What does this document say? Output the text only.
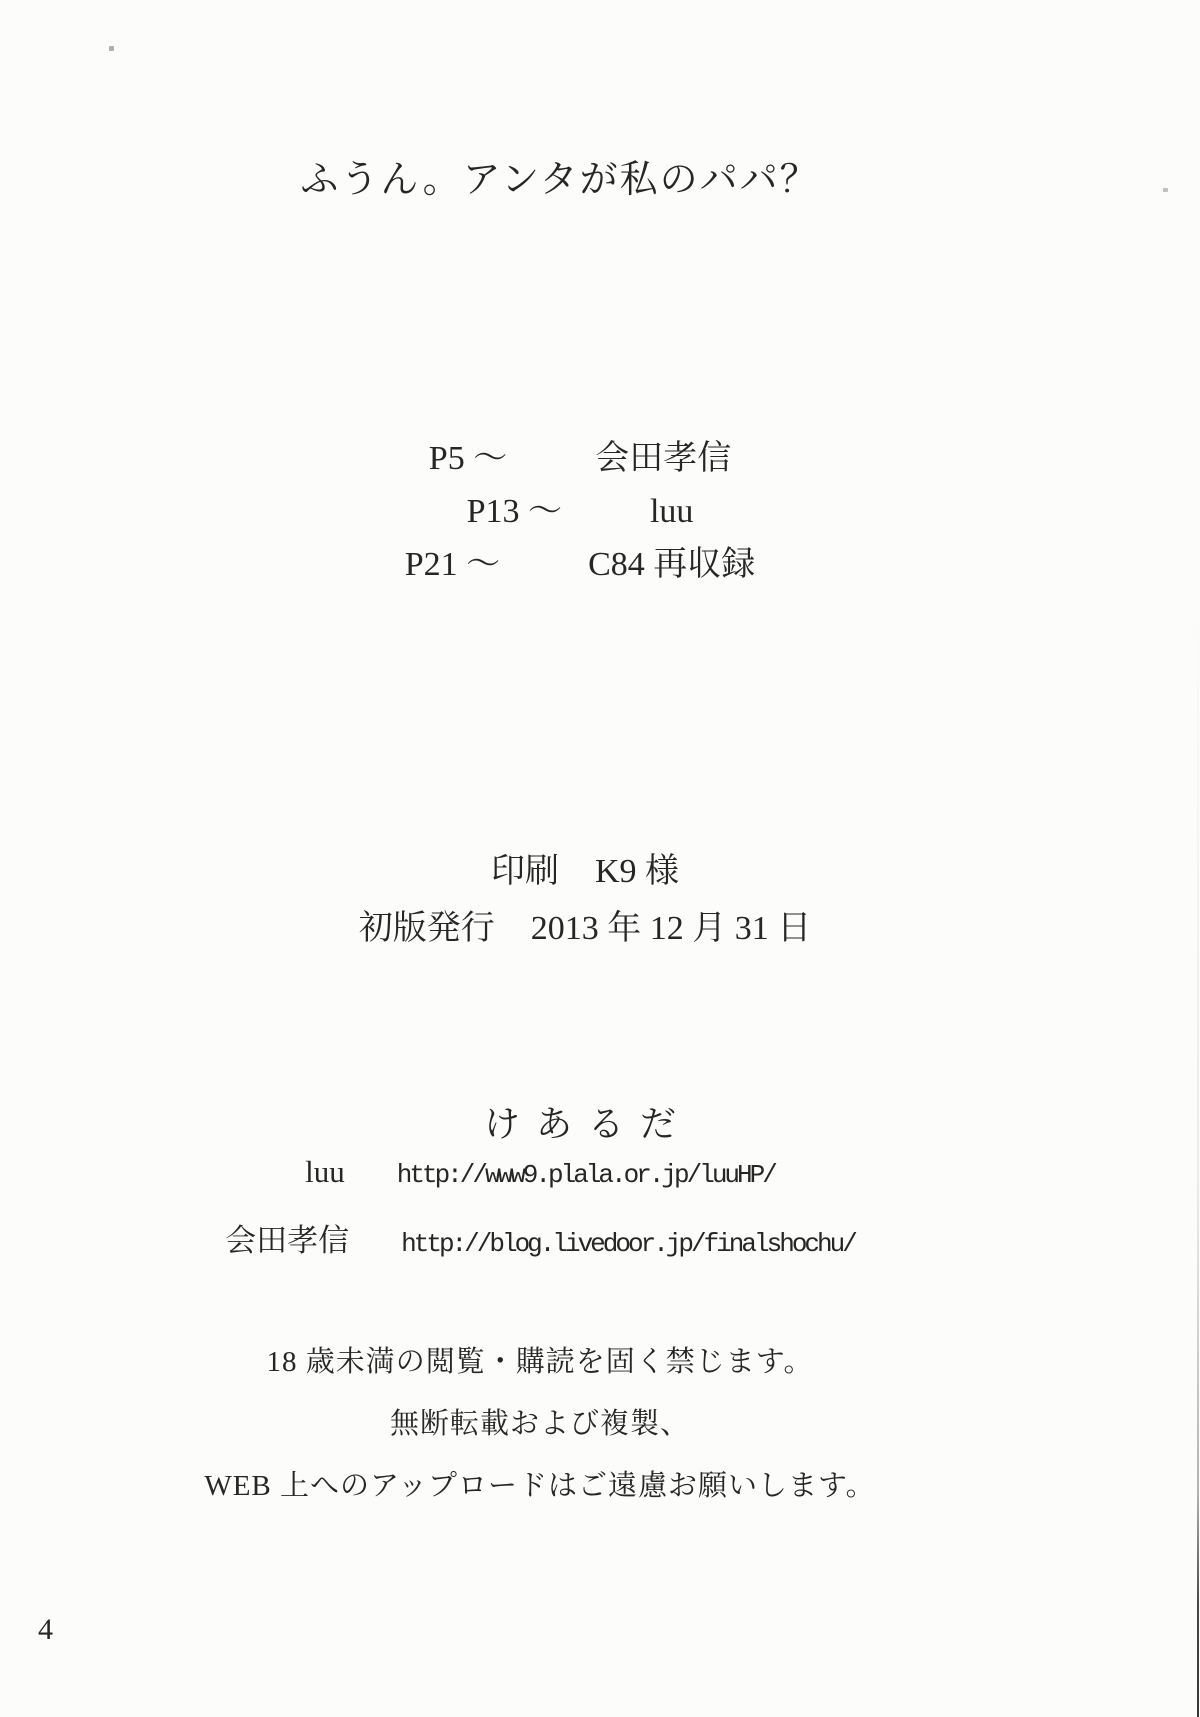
ふうん。アンタが私のパパ？
P5 ～	会田孝信
P13 ～	luu
P21 ～	C84 再収録
印刷 K9 様
初版発行 2013 年 12 月 31 日
けあるだ
luu http://www9.plala.or.jp/luuHP/
会田孝信 http://blog.livedoor.jp/finalshochu/
18 歳未満の閲覧・購読を固く禁じます。
無断転載および複製、
WEB 上へのアップロードはご遠慮お願いします。
4
